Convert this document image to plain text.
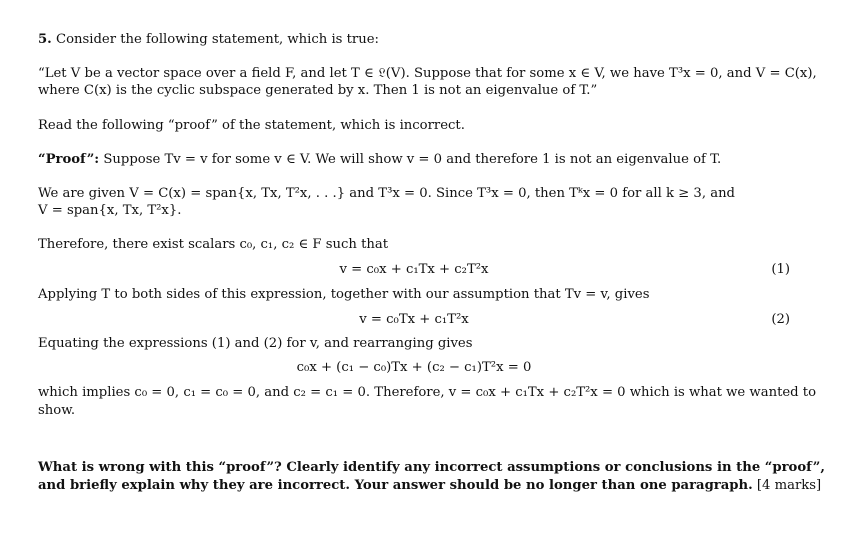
5. Consider the following statement, which is true:
“Let V be a vector space over a field F, and let T ∈ 𝔏(V). Suppose that for some x ∈ V, we have T³x = 0, and V = C(x),
where C(x) is the cyclic subspace generated by x. Then 1 is not an eigenvalue of T.”
Read the following “proof” of the statement, which is incorrect.
“Proof”: Suppose Tv = v for some v ∈ V. We will show v = 0 and therefore 1 is not an eigenvalue of T.
We are given V = C(x) = span{x, Tx, T²x, . . .} and T³x = 0. Since T³x = 0, then Tᵏx = 0 for all k ≥ 3, and
V = span{x, Tx, T²x}.
Therefore, there exist scalars c₀, c₁, c₂ ∈ F such that
v = c₀x + c₁Tx + c₂T²x	(1)
Applying T to both sides of this expression, together with our assumption that Tv = v, gives
v = c₀Tx + c₁T²x	(2)
Equating the expressions (1) and (2) for v, and rearranging gives
c₀x + (c₁ − c₀)Tx + (c₂ − c₁)T²x = 0
which implies c₀ = 0, c₁ = c₀ = 0, and c₂ = c₁ = 0. Therefore, v = c₀x + c₁Tx + c₂T²x = 0 which is what we wanted to
show.
What is wrong with this “proof”? Clearly identify any incorrect assumptions or conclusions in the “proof”,
and briefly explain why they are incorrect. Your answer should be no longer than one paragraph. [4 marks]
